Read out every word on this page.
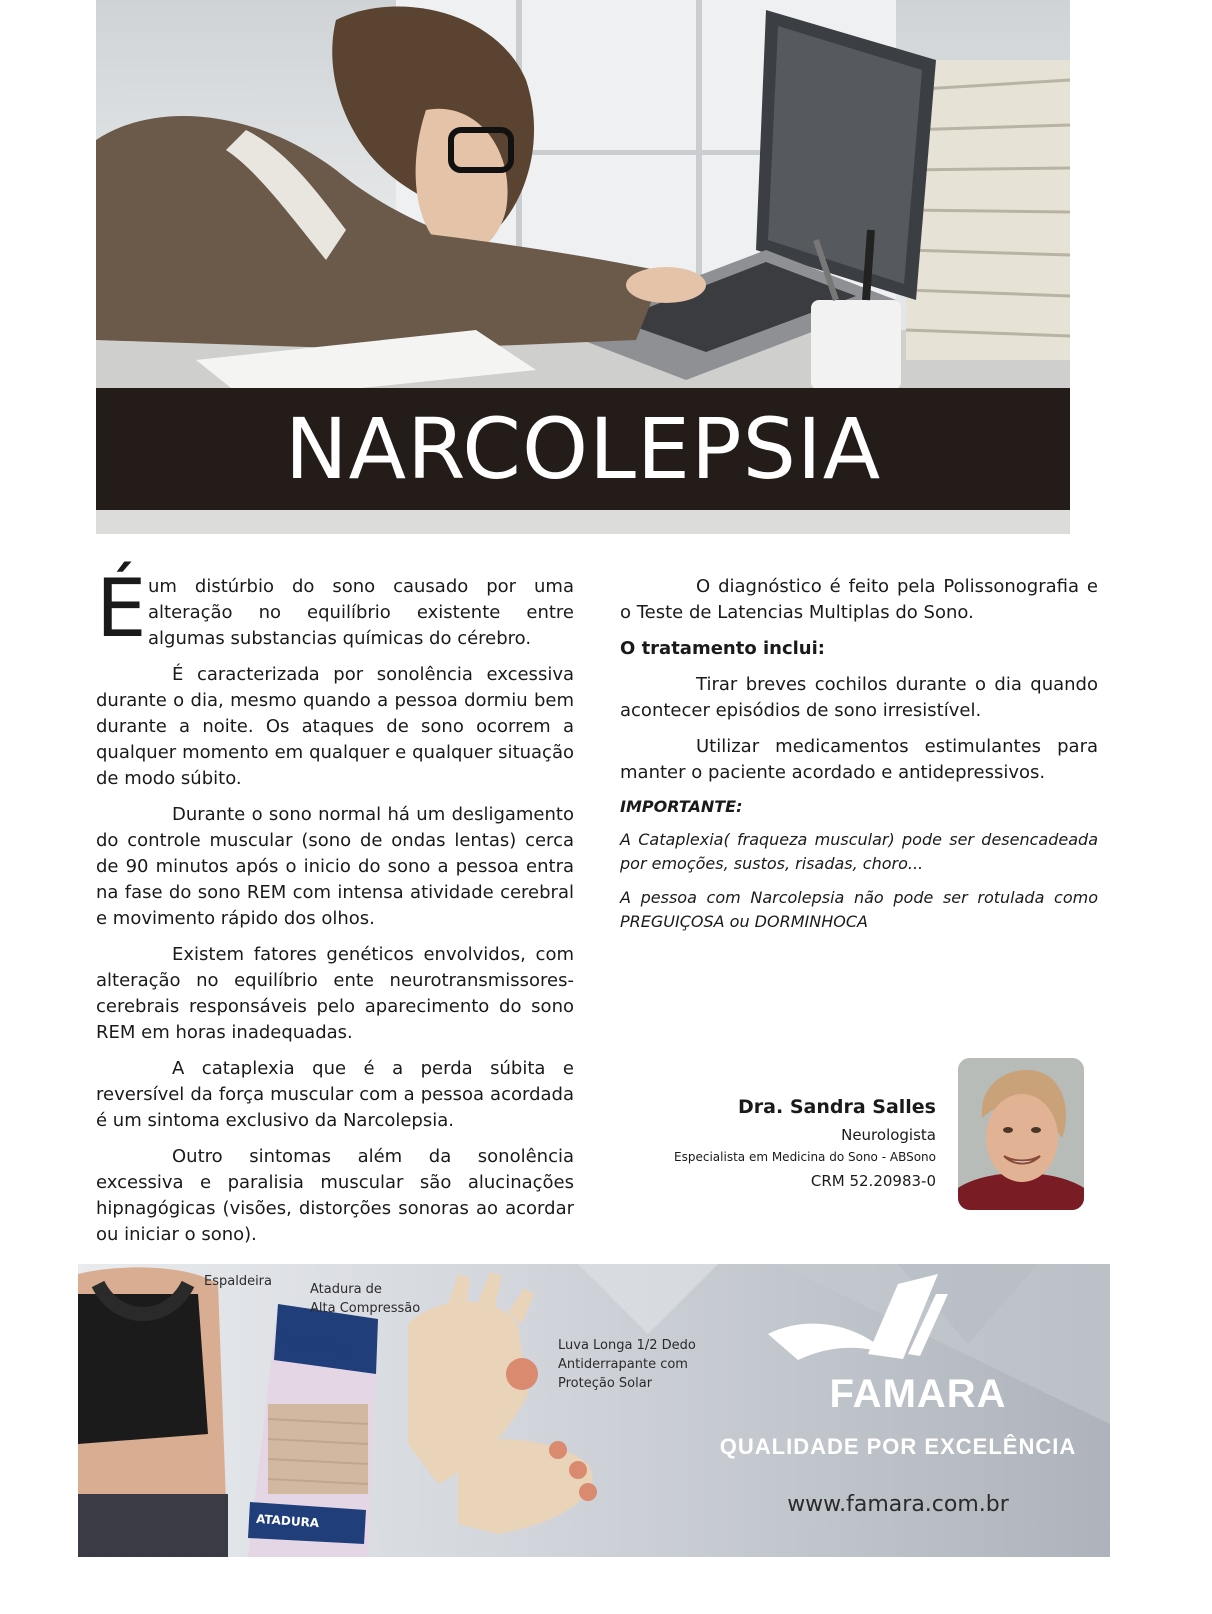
NARCOLEPSIA

É um distúrbio do sono causado por uma alteração no equilíbrio existente entre algumas substancias químicas do cérebro.

É caracterizada por sonolência excessiva durante o dia, mesmo quando a pessoa dormiu bem durante a noite. Os ataques de sono ocorrem a qualquer momento em qualquer e qualquer situação de modo súbito.

Durante o sono normal há um desligamento do controle muscular (sono de ondas lentas) cerca de 90 minutos após o inicio do sono a pessoa entra na fase do sono REM com intensa atividade cerebral e movimento rápido dos olhos.

Existem fatores genéticos envolvidos, com alteração no equilíbrio ente neurotransmissores-cerebrais responsáveis pelo aparecimento do sono REM em horas inadequadas.

A cataplexia que é a perda súbita e reversível da força muscular com a pessoa acordada é um sintoma exclusivo da Narcolepsia.

Outro sintomas além da sonolência excessiva e paralisia muscular são alucinações hipnagógicas (visões, distorções sonoras ao acordar ou iniciar o sono).

O diagnóstico é feito pela Polissonografia e o Teste de Latencias Multiplas do Sono.

O tratamento inclui:

Tirar breves cochilos durante o dia quando acontecer episódios de sono irresistível.

Utilizar medicamentos estimulantes para manter o paciente acordado e antidepressivos.

IMPORTANTE:

A Cataplexia( fraqueza muscular) pode ser desencadeada por emoções, sustos, risadas, choro...

A pessoa com Narcolepsia não pode ser rotulada como PREGUIÇOSA ou DORMINHOCA

Dra. Sandra Salles
Neurologista
Especialista em Medicina do Sono - ABSono
CRM 52.20983-0
Espaldeira
Atadura de
Alta Compressão
Luva Longa 1/2 Dedo
Antiderrapante com
Proteção Solar
FAMARA
ATADURA
FAMARA
QUALIDADE POR EXCELÊNCIA
www.famara.com.br
